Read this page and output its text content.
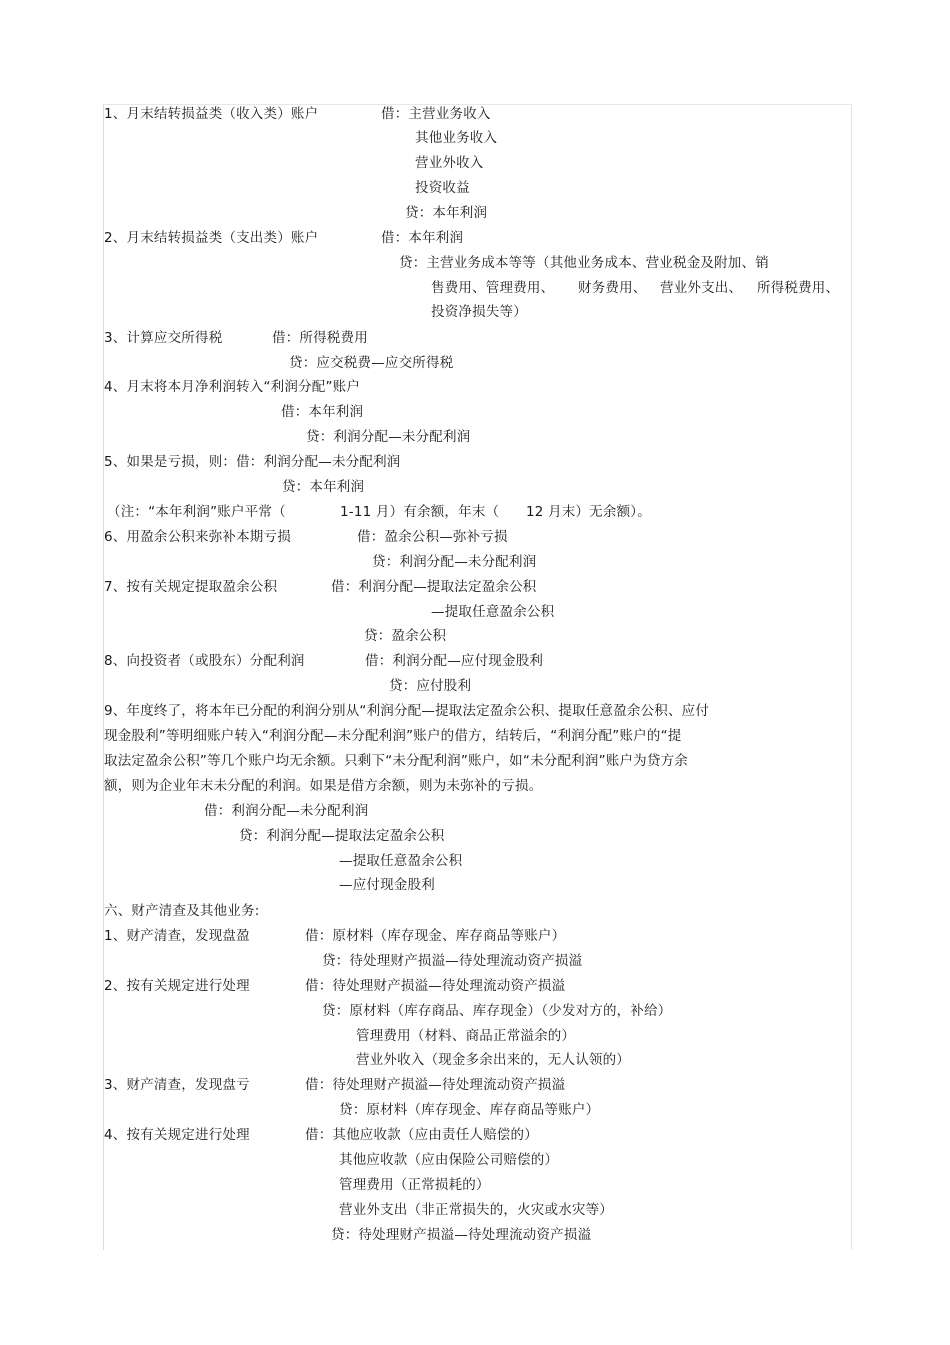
1、月末结转损益类（收入类）账户	借：主营业务收入
其他业务收入
营业外收入
投资收益
贷：本年利润
2、月末结转损益类（支出类）账户	借：本年利润
贷：主营业务成本等等（其他业务成本、营业税金及附加、销
售费用、管理费用、 财务费用、 营业外支出、 所得税费用、
投资净损失等）
3、计算应交所得税	借：所得税费用
贷：应交税费—应交所得税
4、月末将本月净利润转入“利润分配”账户
借：本年利润
贷：利润分配—未分配利润
5、如果是亏损，则：借：利润分配—未分配利润
贷：本年利润
（注：“本年利润”账户平常（	1-11 月）有余额，年末（ 12 月末）无余额）。
6、用盈余公积来弥补本期亏损	借：盈余公积—弥补亏损
贷：利润分配—未分配利润
7、按有关规定提取盈余公积	借：利润分配—提取法定盈余公积
—提取任意盈余公积
贷：盈余公积
8、向投资者（或股东）分配利润	借：利润分配—应付现金股利
贷：应付股利
9、年度终了，将本年已分配的利润分别从“利润分配—提取法定盈余公积、提取任意盈余公积、应付
现金股利”等明细账户转入“利润分配—未分配利润”账户的借方，结转后，“利润分配”账户的“提
取法定盈余公积”等几个账户均无余额。只剩下“未分配利润”账户，如“未分配利润”账户为贷方余
额，则为企业年末未分配的利润。如果是借方余额，则为未弥补的亏损。
借：利润分配—未分配利润
贷：利润分配—提取法定盈余公积
—提取任意盈余公积
—应付现金股利
六、财产清查及其他业务:
1、财产清查，发现盘盈	借：原材料（库存现金、库存商品等账户）
贷：待处理财产损溢—待处理流动资产损溢
2、按有关规定进行处理	借：待处理财产损溢—待处理流动资产损溢
贷：原材料（库存商品、库存现金）（少发对方的，补给）
管理费用（材料、商品正常溢余的）
营业外收入（现金多余出来的，无人认领的）
3、财产清查，发现盘亏	借：待处理财产损溢—待处理流动资产损溢
贷：原材料（库存现金、库存商品等账户）
4、按有关规定进行处理	借：其他应收款（应由责任人赔偿的）
其他应收款（应由保险公司赔偿的）
管理费用（正常损耗的）
营业外支出（非正常损失的，火灾或水灾等）
贷：待处理财产损溢—待处理流动资产损溢
